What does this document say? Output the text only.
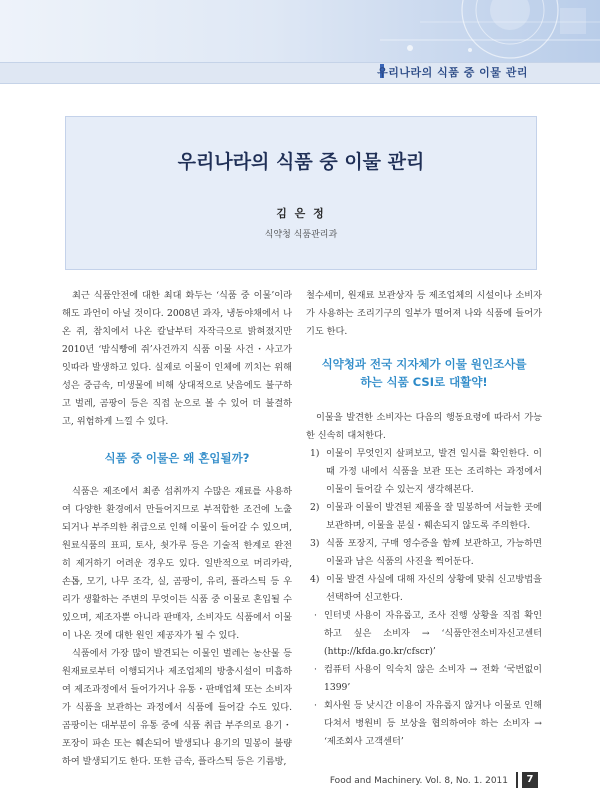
우리나라의 식품 중 이물 관리
우리나라의 식품 중 이물 관리
김 은 정
식약청 식품관리과

최근 식품안전에 대한 최대 화두는 ‘식품 중 이물’이라 해도 과언이 아닐 것이다. 2008년 과자, 냉동야채에서 나온 쥐, 참치에서 나온 칼날부터 자작극으로 밝혀졌지만 2010년 ‘밤식빵에 쥐’사건까지 식품 이물 사건・사고가 잇따라 발생하고 있다. 실제로 이물이 인체에 끼치는 위해성은 중금속, 미생물에 비해 상대적으로 낮음에도 불구하고 벌레, 곰팡이 등은 직접 눈으로 볼 수 있어 더 불결하고, 위험하게 느낄 수 있다.

식품 중 이물은 왜 혼입될까?

식품은 제조에서 최종 섭취까지 수많은 재료를 사용하여 다양한 환경에서 만들어지므로 부적합한 조건에 노출되거나 부주의한 취급으로 인해 이물이 들어갈 수 있으며, 원료식품의 표피, 토사, 쇳가루 등은 기술적 한계로 완전히 제거하기 어려운 경우도 있다. 일반적으로 머리카락, 손톱, 모기, 나무 조각, 실, 곰팡이, 유리, 플라스틱 등 우리가 생활하는 주변의 무엇이든 식품 중 이물로 혼입될 수 있으며, 제조자뿐 아니라 판매자, 소비자도 식품에서 이물이 나온 것에 대한 원인 제공자가 될 수 있다.

식품에서 가장 많이 발견되는 이물인 벌레는 농산물 등 원재료로부터 이행되거나 제조업체의 방충시설이 미흡하여 제조과정에서 들어가거나 유통・판매업체 또는 소비자가 식품을 보관하는 과정에서 식품에 들어갈 수도 있다. 곰팡이는 대부분이 유통 중에 식품 취급 부주의로 용기・포장이 파손 또는 훼손되어 발생되나 용기의 밀봉이 불량하여 발생되기도 한다. 또한 금속, 플라스틱 등은 기름방,

철수세미, 원재료 보관상자 등 제조업체의 시설이나 소비자가 사용하는 조리기구의 일부가 떨어져 나와 식품에 들어가기도 한다.

식약청과 전국 지자체가 이물 원인조사를
하는 식품 CSI로 대활약!

이물을 발견한 소비자는 다음의 행동요령에 따라서 가능한 신속히 대처한다.

1) 이물이 무엇인지 살펴보고, 발견 일시를 확인한다. 이때 가정 내에서 식품을 보관 또는 조리하는 과정에서 이물이 들어갈 수 있는지 생각해본다.
2) 이물과 이물이 발견된 제품을 잘 밀봉하여 서늘한 곳에 보관하며, 이물을 분실・훼손되지 않도록 주의한다.
3) 식품 포장지, 구매 영수증을 함께 보관하고, 가능하면 이물과 남은 식품의 사진을 찍어둔다.
4) 이물 발견 사실에 대해 자신의 상황에 맞춰 신고방법을 선택하여 신고한다.
· 인터넷 사용이 자유롭고, 조사 진행 상황을 직접 확인하고 싶은 소비자 → ‘식품안전소비자신고센터 (http://kfda.go.kr/cfscr)’
· 컴퓨터 사용이 익숙치 않은 소비자 → 전화 ‘국번없이 1399’
· 회사원 등 낮시간 이용이 자유롭지 않거나 이물로 인해 다쳐서 병원비 등 보상을 협의하여야 하는 소비자 → ‘제조회사 고객센터’
Food and Machinery. Vol. 8, No. 1. 2011	7
